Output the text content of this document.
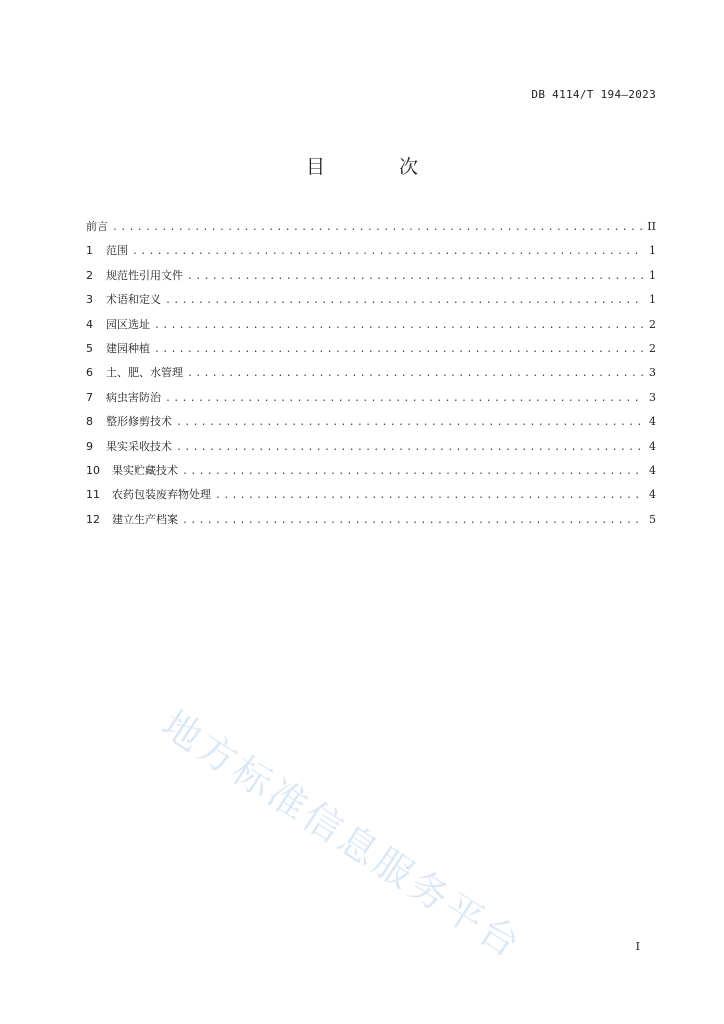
DB 4114/T 194—2023
目 次
前言 .....	II
1	范围 .....	1
2	规范性引用文件 .....	1
3	术语和定义 .....	1
4	园区选址 .....	2
5	建园种植 .....	2
6	土、肥、水管理 .....	3
7	病虫害防治 .....	3
8	整形修剪技术 .....	4
9	果实采收技术 .....	4
10	果实贮藏技术 .....	4
11	农药包装废弃物处理 .....	4
12	建立生产档案 .....	5
地方标准信息服务平台	I
